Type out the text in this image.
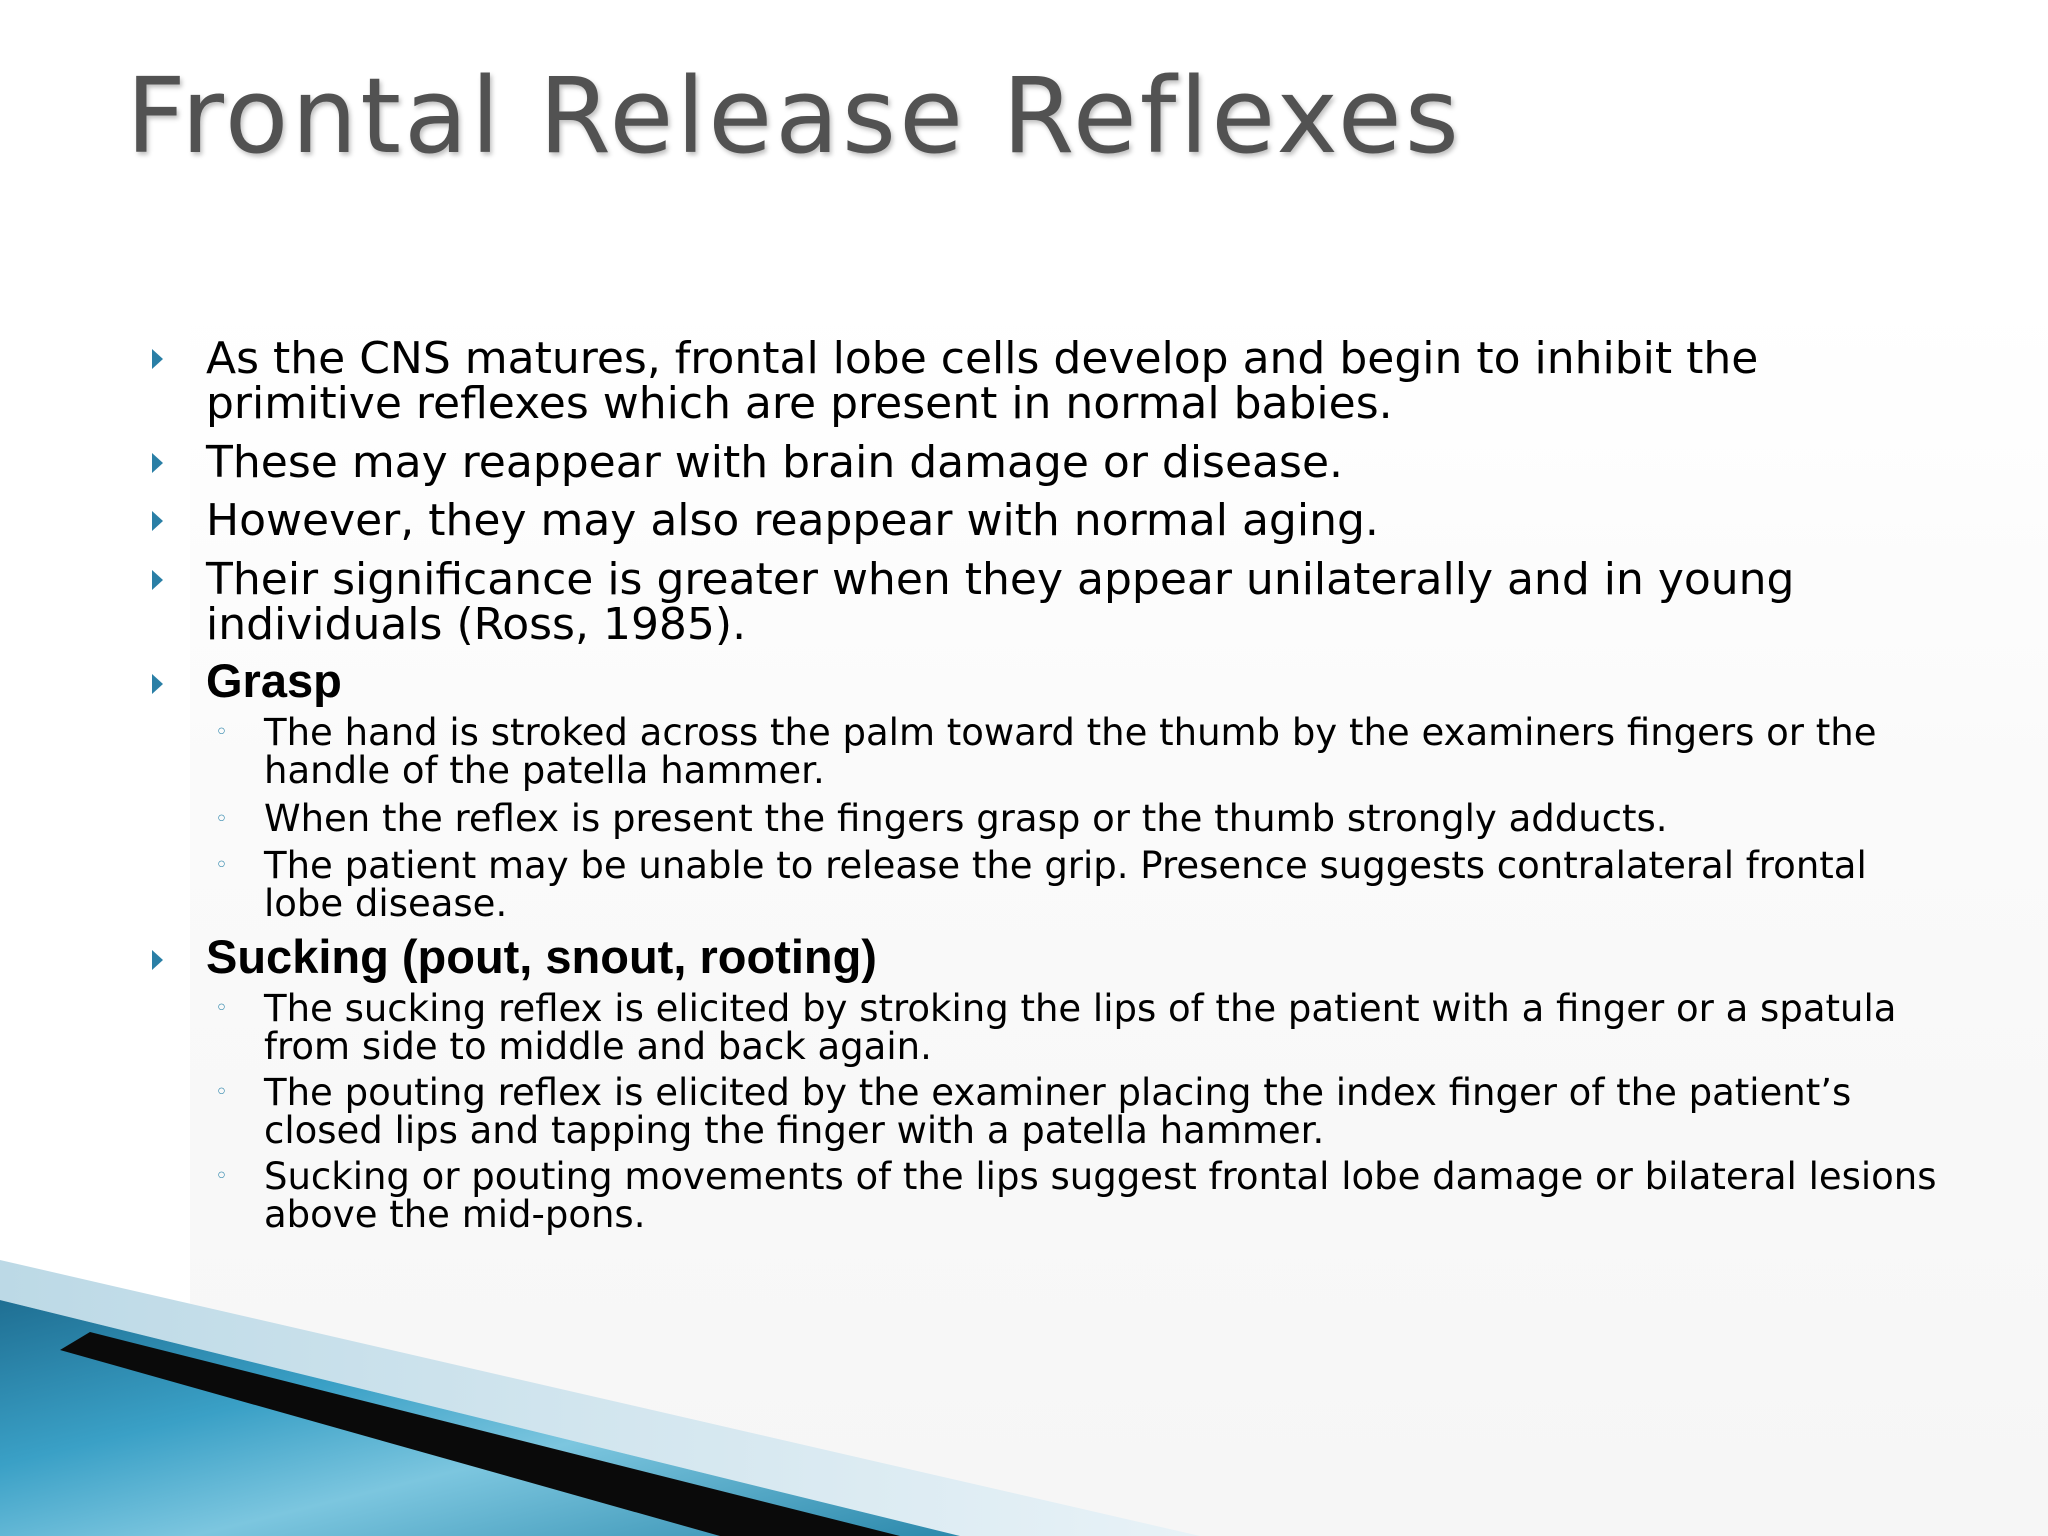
Frontal Release Reflexes
As the CNS matures, frontal lobe cells develop and begin to inhibit the primitive reflexes which are present in normal babies.
These may reappear with brain damage or disease.
However, they may also reappear with normal aging.
Their significance is greater when they appear unilaterally and in young individuals (Ross, 1985).
Grasp
◦ The hand is stroked across the palm toward the thumb by the examiners fingers or the handle of the patella hammer.
◦ When the reflex is present the fingers grasp or the thumb strongly adducts.
◦ The patient may be unable to release the grip. Presence suggests contralateral frontal lobe disease.
Sucking (pout, snout, rooting)
◦ The sucking reflex is elicited by stroking the lips of the patient with a finger or a spatula from side to middle and back again.
◦ The pouting reflex is elicited by the examiner placing the index finger of the patient’s closed lips and tapping the finger with a patella hammer.
◦ Sucking or pouting movements of the lips suggest frontal lobe damage or bilateral lesions above the mid-pons.
